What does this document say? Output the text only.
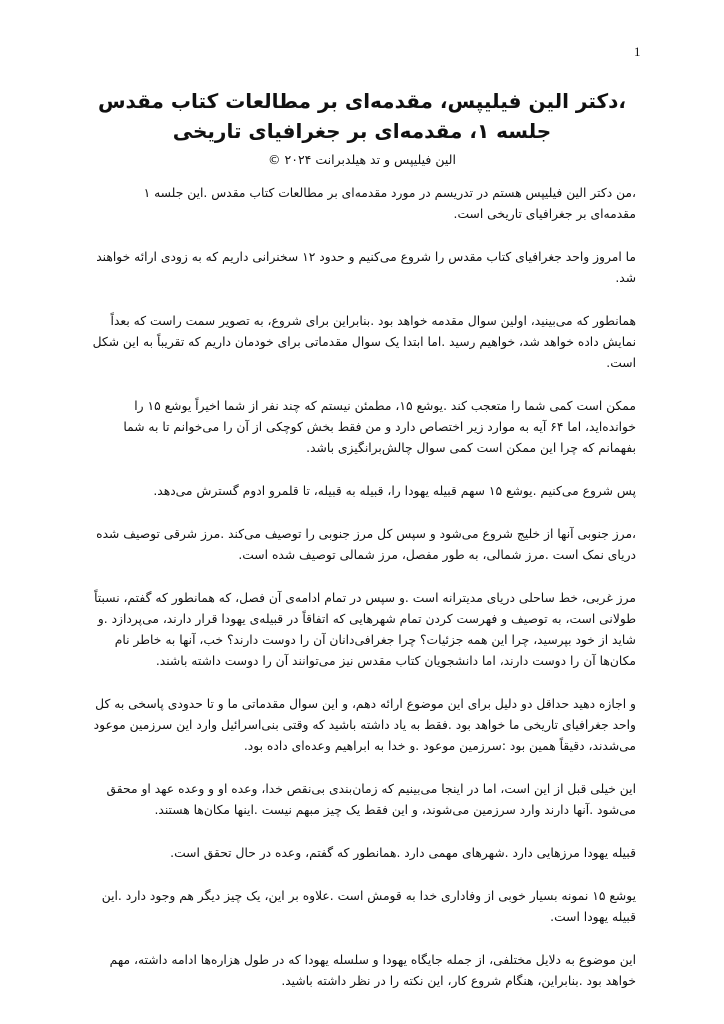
1
،دکتر الین فیلیپس، مقدمه‌ای بر مطالعات کتاب مقدس
جلسه ۱، مقدمه‌ای بر جغرافیای تاریخی
الین فیلیپس و تد هیلدبرانت ۲۰۲۴ ©

،من دکتر الین فیلیپس هستم در تدریسم در مورد مقدمه‌ای بر مطالعات کتاب مقدس .این جلسه ۱
مقدمه‌ای بر جغرافیای تاریخی است.

ما امروز واحد جغرافیای کتاب مقدس را شروع می‌کنیم و حدود ۱۲ سخنرانی داریم که به زودی ارائه خواهند
شد.

همانطور که می‌بینید، اولین سوال مقدمه خواهد بود .بنابراین برای شروع، به تصویر سمت راست که بعداً
نمایش داده خواهد شد، خواهیم رسید .اما ابتدا یک سوال مقدماتی برای خودمان داریم که تقریباً به این شکل
است.

ممکن است کمی شما را متعجب کند .یوشع ۱۵، مطمئن نیستم که چند نفر از شما اخیراً یوشع ۱۵ را
خوانده‌اید، اما ۶۴ آیه به موارد زیر اختصاص دارد و من فقط بخش کوچکی از آن را می‌خوانم تا به شما
بفهمانم که چرا این ممکن است کمی سوال چالش‌برانگیزی باشد.

پس شروع می‌کنیم .یوشع ۱۵ سهم قبیله یهودا را، قبیله به قبیله، تا قلمرو ادوم گسترش می‌دهد.

،مرز جنوبی آنها از خلیج شروع می‌شود و سپس کل مرز جنوبی را توصیف می‌کند .مرز شرقی توصیف شده
دریای نمک است .مرز شمالی، به طور مفصل، مرز شمالی توصیف شده است.

مرز غربی، خط ساحلی دریای مدیترانه است .و سپس در تمام ادامه‌ی آن فصل، که همانطور که گفتم، نسبتاً
طولانی است، به توصیف و فهرست کردن تمام شهرهایی که اتفاقاً در قبیله‌ی یهودا قرار دارند، می‌پردازد .و
شاید از خود بپرسید، چرا این همه جزئیات؟ چرا جغرافی‌دانان آن را دوست دارند؟ خب، آنها به خاطر نام
مکان‌ها آن را دوست دارند، اما دانشجویان کتاب مقدس نیز می‌توانند آن را دوست داشته باشند.

و اجازه دهید حداقل دو دلیل برای این موضوع ارائه دهم، و این سوال مقدماتی ما و تا حدودی پاسخی به کل
واحد جغرافیای تاریخی ما خواهد بود .فقط به یاد داشته باشید که وقتی بنی‌اسرائیل وارد این سرزمین موعود
می‌شدند، دقیقاً همین بود :سرزمین موعود .و خدا به ابراهیم وعده‌ای داده بود.

این خیلی قبل از این است، اما در اینجا می‌بینیم که زمان‌بندی بی‌نقص خدا، وعده او و وعده عهد او محقق
می‌شود .آنها دارند وارد سرزمین می‌شوند، و این فقط یک چیز مبهم نیست .اینها مکان‌ها هستند.

قبیله یهودا مرزهایی دارد .شهرهای مهمی دارد .همانطور که گفتم، وعده در حال تحقق است.

یوشع ۱۵ نمونه بسیار خوبی از وفاداری خدا به قومش است .علاوه بر این، یک چیز دیگر هم وجود دارد .این
قبیله یهودا است.

این موضوع به دلایل مختلفی، از جمله جایگاه یهودا و سلسله یهودا که در طول هزاره‌ها ادامه داشته، مهم
خواهد بود .بنابراین، هنگام شروع کار، این نکته را در نظر داشته باشید.
